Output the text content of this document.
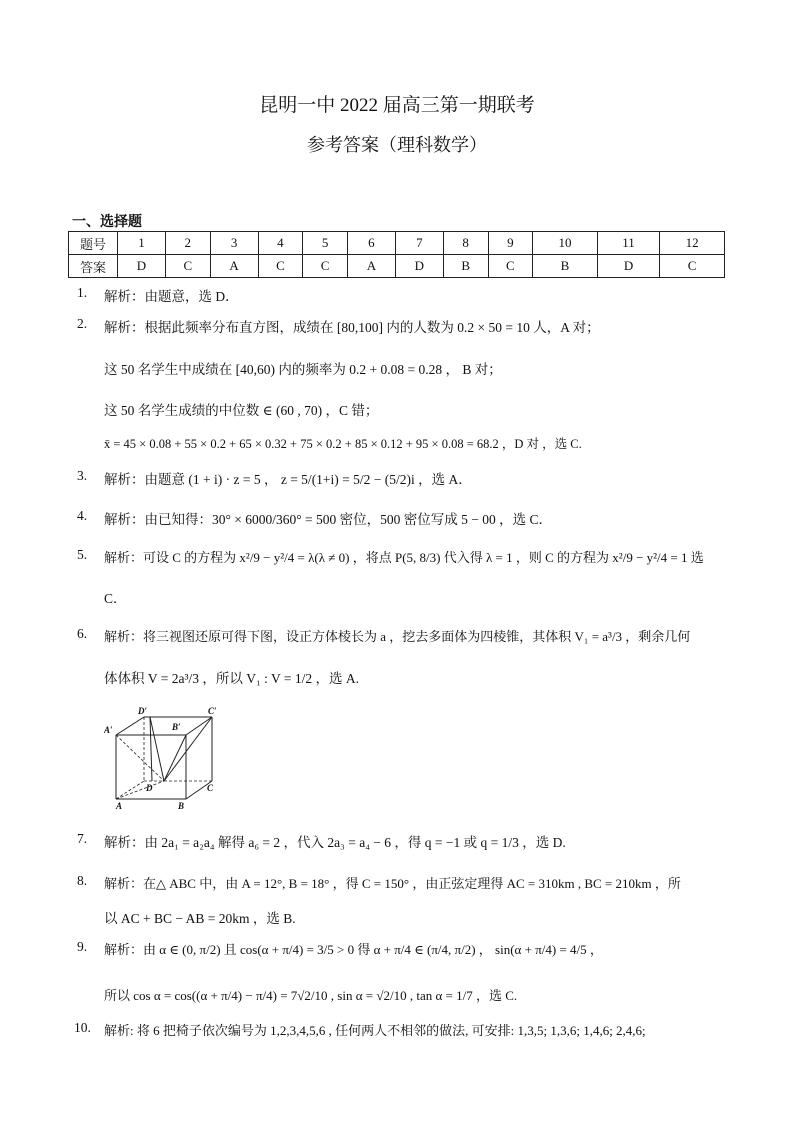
昆明一中 2022 届高三第一期联考
参考答案（理科数学）
一、选择题
题号	1	2	3	4	5	6	7	8	9	10	11	12
答案	D	C	A	C	C	A	D	B	C	B	D	C
1. 解析：由题意，选 D．
2. 解析：根据此频率分布直方图，成绩在 [80,100] 内的人数为 0.2 × 50 = 10 人，A 对；
这 50 名学生中成绩在 [40,60) 内的频率为 0.2 + 0.08 = 0.28 ， B 对；
这 50 名学生成绩的中位数 ∈ (60 , 70) ，C 错；
x̄ = 45 × 0.08 + 55 × 0.2 + 65 × 0.32 + 75 × 0.2 + 85 × 0.12 + 95 × 0.08 = 68.2 ，D 对 ，选 C.
3. 解析：由题意 (1 + i) · z = 5 ， z = 5/(1+i) = 5/2 − (5/2)i ，选 A．
4. 解析：由已知得：30° × 6000/360° = 500 密位，500 密位写成 5 − 00 ，选 C．
5. 解析：可设 C 的方程为 x²/9 − y²/4 = λ(λ ≠ 0) ，将点 P(5, 8/3) 代入得 λ = 1 ，则 C 的方程为 x²/9 − y²/4 = 1 选
C．
6. 解析：将三视图还原可得下图，设正方体棱长为 a ，挖去多面体为四棱锥，其体积 V₁ = a³/3 ，剩余几何
体体积 V = 2a³/3 ，所以 V₁ : V = 1/2 ，选 A.
D′
B′
C′
A′
D
A	B
C
7. 解析：由 2a₁ = a₂a₄ 解得 a₆ = 2 ，代入 2a₃ = a₄ − 6 ，得 q = −1 或 q = 1/3 ，选 D.
8. 解析：在△ ABC 中，由 A = 12°, B = 18° ，得 C = 150° ，由正弦定理得 AC = 310km , BC = 210km ，所
以 AC + BC − AB = 20km ，选 B.
9. 解析：由 α ∈ (0, π/2) 且 cos(α + π/4) = 3/5 > 0 得 α + π/4 ∈ (π/4, π/2) ， sin(α + π/4) = 4/5 ，
所以 cos α = cos((α + π/4) − π/4) = 7√2/10 , sin α = √2/10 , tan α = 1/7 ，选 C.
10. 解析: 将 6 把椅子依次编号为 1,2,3,4,5,6 , 任何两人不相邻的做法, 可安排: 1,3,5; 1,3,6; 1,4,6; 2,4,6;
